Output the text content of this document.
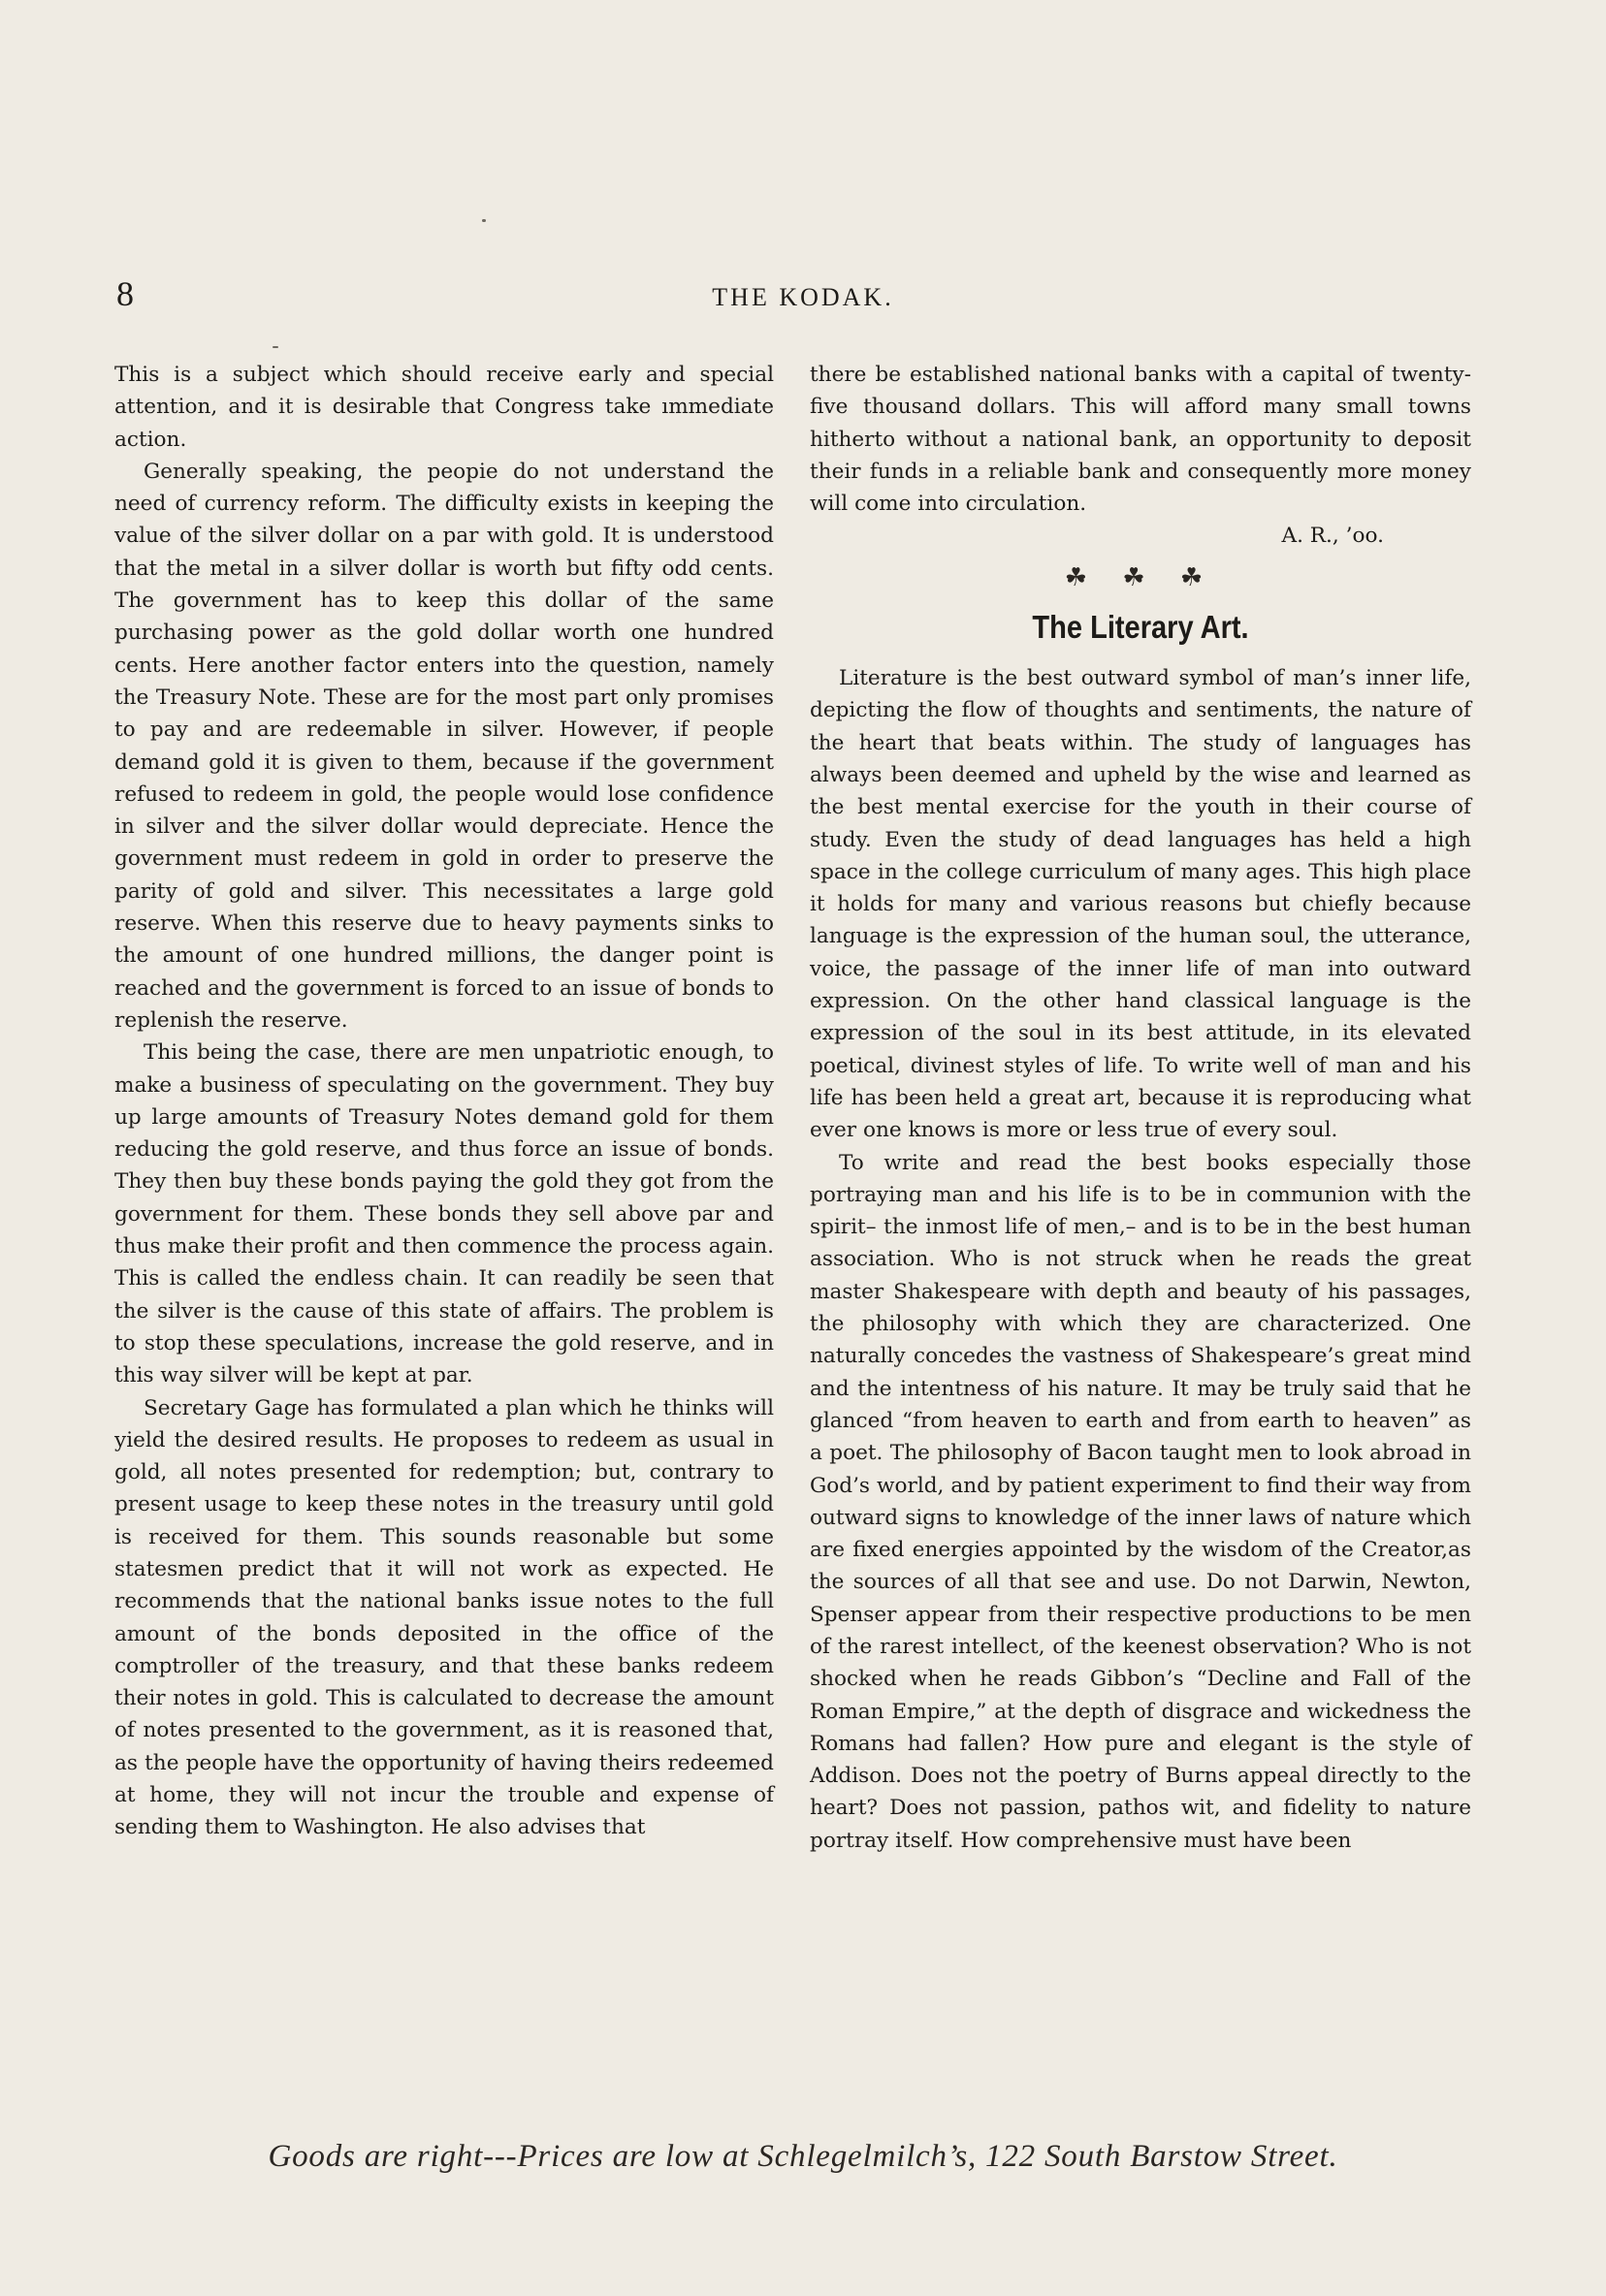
8	THE KODAK.

This is a subject which should receive early and special attention, and it is desirable that Congress take ımmediate action.

Generally speaking, the peopie do not understand the need of currency reform. The difficulty exists in keeping the value of the silver dollar on a par with gold. It is understood that the metal in a silver dollar is worth but fifty odd cents. The government has to keep this dollar of the same purchasing power as the gold dollar worth one hundred cents. Here another factor enters into the question, namely the Treasury Note. These are for the most part only promises to pay and are redeemable in silver. However, if people demand gold it is given to them, because if the government refused to redeem in gold, the people would lose confidence in silver and the silver dollar would depreciate. Hence the government must redeem in gold in order to preserve the parity of gold and silver. This necessitates a large gold reserve. When this reserve due to heavy payments sinks to the amount of one hundred millions, the danger point is reached and the government is forced to an issue of bonds to replenish the reserve.

This being the case, there are men unpatriotic enough, to make a business of speculating on the government. They buy up large amounts of Treasury Notes demand gold for them reducing the gold reserve, and thus force an issue of bonds. They then buy these bonds paying the gold they got from the government for them. These bonds they sell above par and thus make their profit and then commence the process again. This is called the endless chain. It can readily be seen that the silver is the cause of this state of affairs. The problem is to stop these speculations, increase the gold reserve, and in this way silver will be kept at par.

Secretary Gage has formulated a plan which he thinks will yield the desired results. He proposes to redeem as usual in gold, all notes presented for redemption; but, contrary to present usage to keep these notes in the treasury until gold is received for them. This sounds reasonable but some statesmen predict that it will not work as expected. He recommends that the national banks issue notes to the full amount of the bonds deposited in the office of the comptroller of the treasury, and that these banks redeem their notes in gold. This is calculated to decrease the amount of notes presented to the government, as it is reasoned that, as the people have the opportunity of having theirs redeemed at home, they will not incur the trouble and expense of sending them to Washington. He also advises that

there be established national banks with a capital of twenty-five thousand dollars. This will afford many small towns hitherto without a national bank, an opportunity to deposit their funds in a reliable bank and consequently more money will come into circulation.

A. R., ’oo.
☘ ☘ ☘
The Literary Art.

Literature is the best outward symbol of man’s inner life, depicting the flow of thoughts and sentiments, the nature of the heart that beats within. The study of languages has always been deemed and upheld by the wise and learned as the best mental exercise for the youth in their course of study. Even the study of dead languages has held a high space in the college curriculum of many ages. This high place it holds for many and various reasons but chiefly because language is the expression of the human soul, the utterance, voice, the passage of the inner life of man into outward expression. On the other hand classical language is the expression of the soul in its best attitude, in its elevated poetical, divinest styles of life. To write well of man and his life has been held a great art, because it is reproducing what ever one knows is more or less true of every soul.

To write and read the best books especially those portraying man and his life is to be in communion with the spirit– the inmost life of men,– and is to be in the best human association. Who is not struck when he reads the great master Shakespeare with depth and beauty of his passages, the philosophy with which they are characterized. One naturally concedes the vastness of Shakespeare’s great mind and the intentness of his nature. It may be truly said that he glanced “from heaven to earth and from earth to heaven” as a poet. The philosophy of Bacon taught men to look abroad in God’s world, and by patient experiment to find their way from outward signs to knowledge of the inner laws of nature which are fixed energies appointed by the wisdom of the Creator,as the sources of all that see and use. Do not Darwin, Newton, Spenser appear from their respective productions to be men of the rarest intellect, of the keenest observation? Who is not shocked when he reads Gibbon’s “Decline and Fall of the Roman Empire,” at the depth of disgrace and wickedness the Romans had fallen? How pure and elegant is the style of Addison. Does not the poetry of Burns appeal directly to the heart? Does not passion, pathos wit, and fidelity to nature portray itself. How comprehensive must have been

Goods are right---Prices are low at Schlegelmilch’s, 122 South Barstow Street.
